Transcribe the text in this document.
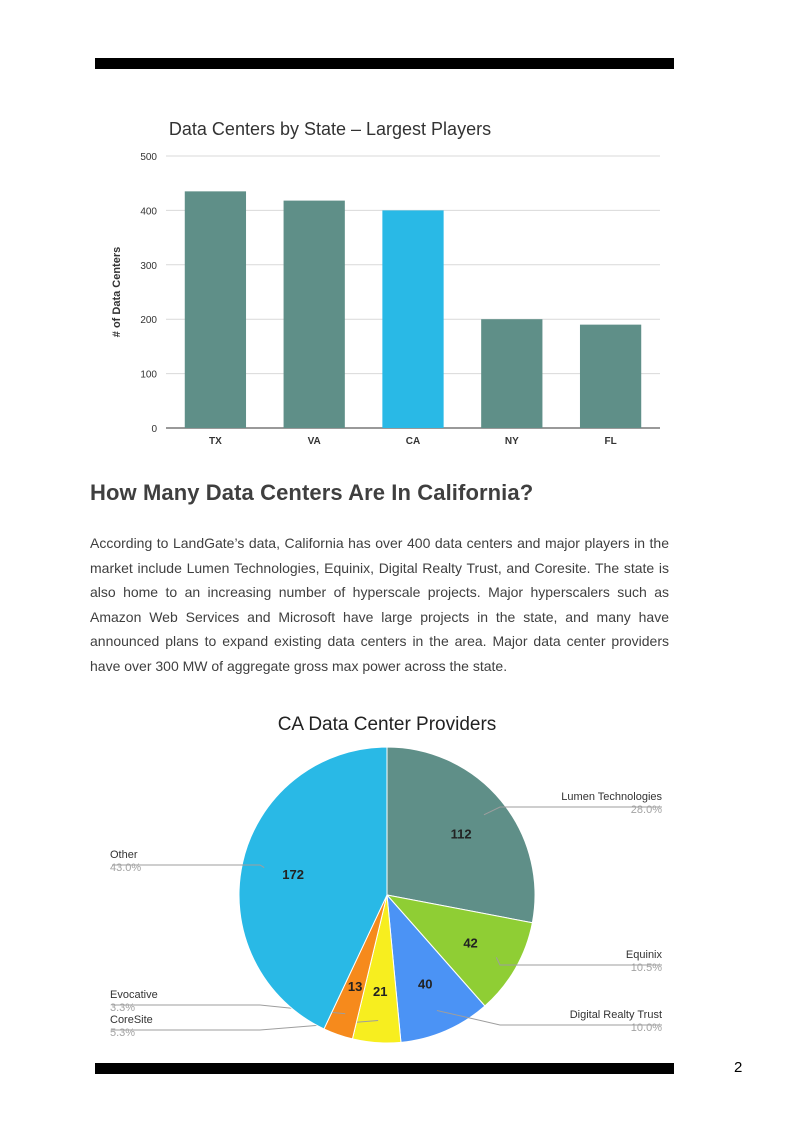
Data Centers by State – Largest Players
0
100
200
300
400
500
# of Data Centers
TX	VA	CA	NY	FL
How Many Data Centers Are In California?

According to LandGate’s data, California has over 400 data centers and major players in the market include Lumen Technologies, Equinix, Digital Realty Trust, and Coresite. The state is also home to an increasing number of hyperscale projects. Major hyperscalers such as Amazon Web Services and Microsoft have large projects in the state, and many have announced plans to expand existing data centers in the area. Major data center providers have over 300 MW of aggregate gross max power across the state.

CA Data Center Providers
112
Lumen Technologies
28.0%
42
Equinix
10.5%
40
Digital Realty Trust
10.0%
21
CoreSite
5.3%
13
Evocative
3.3%
172
Other
43.0%
2
